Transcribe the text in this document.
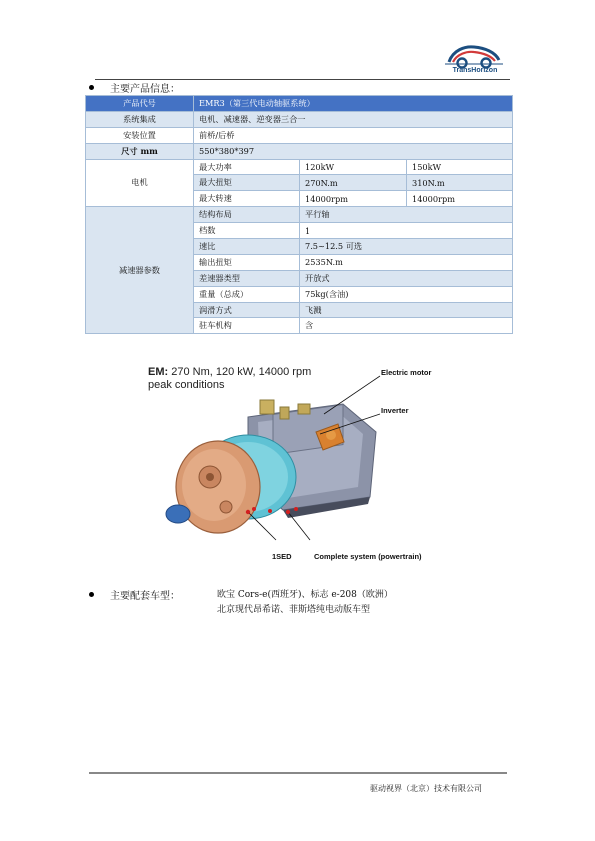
TransHorizon
主要产品信息：
产品代号	EMR3（第三代电动轴驱系统）		
系统集成	电机、减速器、逆变器三合一		
安装位置	前桥/后桥		
尺寸 mm	550*380*397		
电机	最大功率	120kW	150kW
	最大扭矩	270N.m	310N.m
	最大转速	14000rpm	14000rpm
减速器参数	结构布局	平行轴	
	档数	1	
	速比	7.5~12.5 可选	
	输出扭矩	2535N.m	
	差速器类型	开放式	
	重量（总成）	75kg(含油)	
	润滑方式	飞溅	
	驻车机构	含	
EM: 270 Nm, 120 kW, 14000 rpm
peak conditions
Electric motor
Inverter
1SED	Complete system (powertrain)
主要配套车型：	欧宝 Cors-e(西班牙)、标志 e-208（欧洲）
北京现代昂希诺、菲斯塔纯电动版车型
驱动视界（北京）技术有限公司
